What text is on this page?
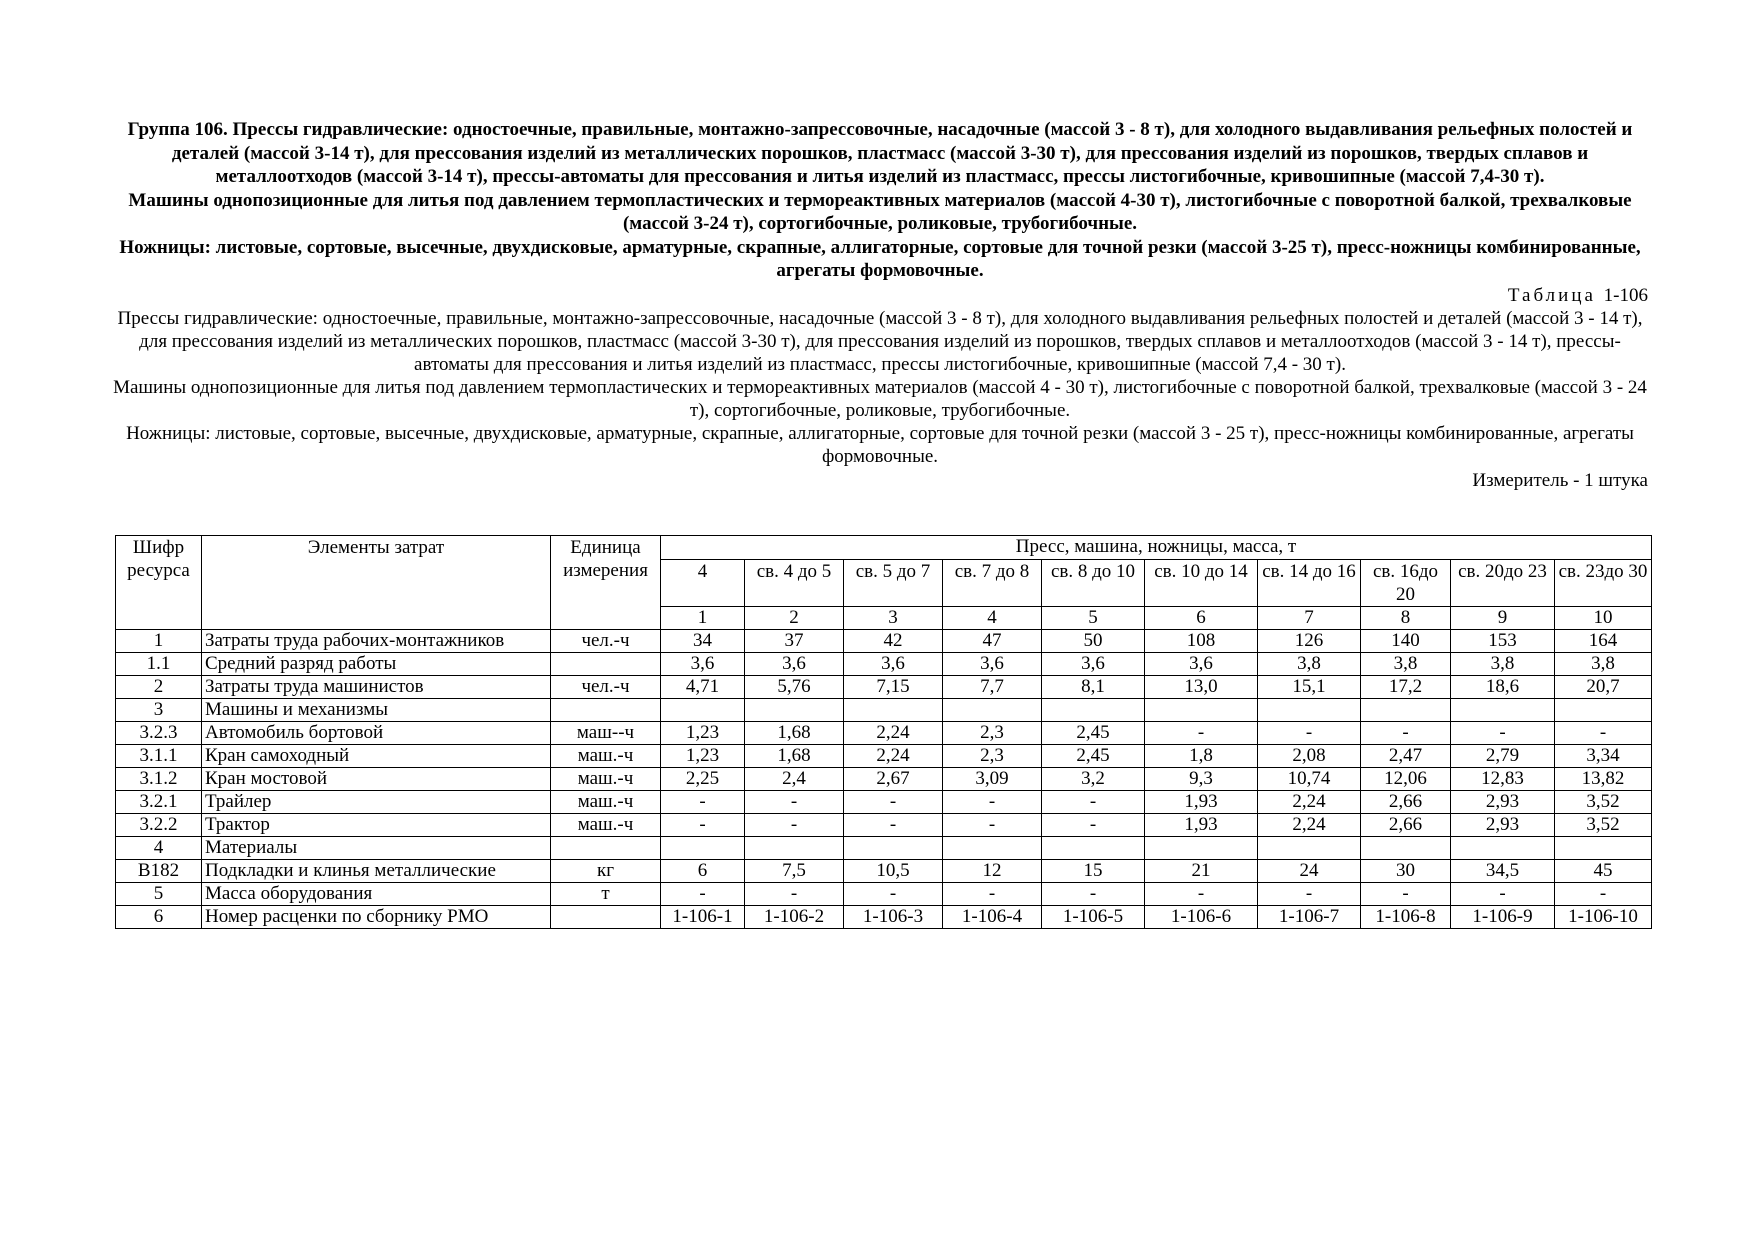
Группа 106. Прессы гидравлические: одностоечные, правильные, монтажно-запрессовочные, насадочные (массой 3 - 8 т), для холодного выдавливания рельефных полостей и деталей (массой 3-14 т), для прессования изделий из металлических порошков, пластмасс (массой 3-30 т), для прессования изделий из порошков, твердых сплавов и металлоотходов (массой 3-14 т), прессы-автоматы для прессования и литья изделий из пластмасс, прессы листогибочные, кривошипные (массой 7,4-30 т).

Машины однопозиционные для литья под давлением термопластических и термореактивных материалов (массой 4-30 т), листогибочные с поворотной балкой, трехвалковые (массой 3-24 т), сортогибочные, роликовые, трубогибочные.

Ножницы: листовые, сортовые, высечные, двухдисковые, арматурные, скрапные, аллигаторные, сортовые для точной резки (массой 3-25 т), пресс-ножницы комбинированные, агрегаты формовочные.

Таблица 1-106

Прессы гидравлические: одностоечные, правильные, монтажно-запрессовочные, насадочные (массой 3 - 8 т), для холодного выдавливания рельефных полостей и деталей (массой 3 - 14 т), для прессования изделий из металлических порошков, пластмасс (массой 3-30 т), для прессования изделий из порошков, твердых сплавов и металлоотходов (массой 3 - 14 т), прессы-автоматы для прессования и литья изделий из пластмасс, прессы листогибочные, кривошипные (массой 7,4 - 30 т).

Машины однопозиционные для литья под давлением термопластических и термореактивных материалов (массой 4 - 30 т), листогибочные с поворотной балкой, трехвалковые (массой 3 - 24 т), сортогибочные, роликовые, трубогибочные.

Ножницы: листовые, сортовые, высечные, двухдисковые, арматурные, скрапные, аллигаторные, сортовые для точной резки (массой 3 - 25 т), пресс-ножницы комбинированные, агрегаты формовочные.

Измеритель - 1 штука
Шифр ресурса	Элементы затрат	Единица измерения	Пресс, машина, ножницы, масса, т									
			4	св. 4 до 5	св. 5 до 7	св. 7 до 8	св. 8 до 10	св. 10 до 14	св. 14 до 16	св. 16до 20	св. 20до 23	св. 23до 30
			1	2	3	4	5	6	7	8	9	10
1	Затраты труда рабочих-монтажников	чел.-ч	34	37	42	47	50	108	126	140	153	164
1.1	Средний разряд работы		3,6	3,6	3,6	3,6	3,6	3,6	3,8	3,8	3,8	3,8
2	Затраты труда машинистов	чел.-ч	4,71	5,76	7,15	7,7	8,1	13,0	15,1	17,2	18,6	20,7
3	Машины и механизмы											
3.2.3	Автомобиль бортовой	маш--ч	1,23	1,68	2,24	2,3	2,45	-	-	-	-	-
3.1.1	Кран самоходный	маш.-ч	1,23	1,68	2,24	2,3	2,45	1,8	2,08	2,47	2,79	3,34
3.1.2	Кран мостовой	маш.-ч	2,25	2,4	2,67	3,09	3,2	9,3	10,74	12,06	12,83	13,82
3.2.1	Трайлер	маш.-ч	-	-	-	-	-	1,93	2,24	2,66	2,93	3,52
3.2.2	Трактор	маш.-ч	-	-	-	-	-	1,93	2,24	2,66	2,93	3,52
4	Материалы											
В182	Подкладки и клинья металлические	кг	6	7,5	10,5	12	15	21	24	30	34,5	45
5	Масса оборудования	т	-	-	-	-	-	-	-	-	-	-
6	Номер расценки по сборнику РМО		1-106-1	1-106-2	1-106-3	1-106-4	1-106-5	1-106-6	1-106-7	1-106-8	1-106-9	1-106-10
